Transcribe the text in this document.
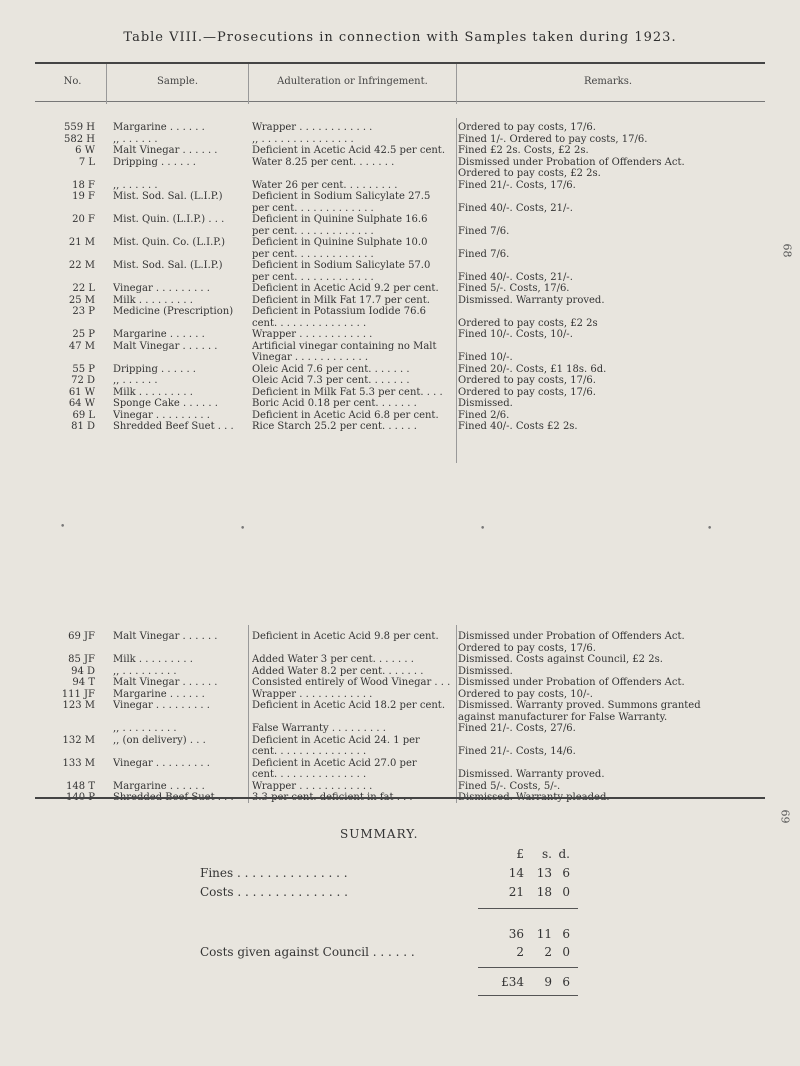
Table VIII.—Prosecutions in connection with Samples taken during 1923.
No.	Sample.	Adulteration or Infringement.	Remarks.
559 H Margarine . . . . . .	Wrapper . . . . . . . . . . . .	Ordered to pay costs, 17/6.
582 H ,, . . . . . .	,, . . . . . . . . . . . . . . .	Fined 1/-. Ordered to pay costs, 17/6.
6 W Malt Vinegar . . . . . .	Deficient in Acetic Acid 42.5 per cent.	Fined £2 2s. Costs, £2 2s.
7 L Dripping . . . . . .	Water 8.25 per cent. . . . . . .	Dismissed under Probation of Offenders Act.
Ordered to pay costs, £2 2s.
18 F ,, . . . . . .	Water 26 per cent. . . . . . . . .	Fined 21/-. Costs, 17/6.
19 F Mist. Sod. Sal. (L.I.P.)	Deficient in Sodium Salicylate 27.5
per cent. . . . . . . . . . . . .	Fined 40/-. Costs, 21/-.
20 F Mist. Quin. (L.I.P.) . . .	Deficient in Quinine Sulphate 16.6
per cent. . . . . . . . . . . . .	Fined 7/6.
21 M Mist. Quin. Co. (L.I.P.)	Deficient in Quinine Sulphate 10.0
per cent. . . . . . . . . . . . .	Fined 7/6.
22 M Mist. Sod. Sal. (L.I.P.)	Deficient in Sodium Salicylate 57.0
per cent. . . . . . . . . . . . .	Fined 40/-. Costs, 21/-.
22 L Vinegar . . . . . . . . .	Deficient in Acetic Acid 9.2 per cent.	Fined 5/-. Costs, 17/6.
25 M Milk . . . . . . . . .	Deficient in Milk Fat 17.7 per cent.	Dismissed. Warranty proved.
23 P Medicine (Prescription)	Deficient in Potassium Iodide 76.6
cent. . . . . . . . . . . . . . .	Ordered to pay costs, £2 2s
25 P Margarine . . . . . .	Wrapper . . . . . . . . . . . .	Fined 10/-. Costs, 10/-.
47 M Malt Vinegar . . . . . .	Artificial vinegar containing no Malt
Vinegar . . . . . . . . . . . .	Fined 10/-.
55 P Dripping . . . . . .	Oleic Acid 7.6 per cent. . . . . . .	Fined 20/-. Costs, £1 18s. 6d.
72 D ,, . . . . . .	Oleic Acid 7.3 per cent. . . . . . .	Ordered to pay costs, 17/6.
61 W Milk . . . . . . . . .	Deficient in Milk Fat 5.3 per cent. . . .	Ordered to pay costs, 17/6.
64 W Sponge Cake . . . . . .	Boric Acid 0.18 per cent. . . . . . .	Dismissed.
69 L Vinegar . . . . . . . . .	Deficient in Acetic Acid 6.8 per cent.	Fined 2/6.
81 D Shredded Beef Suet . . .	Rice Starch 25.2 per cent. . . . . .	Fined 40/-. Costs £2 2s.
69 JF Malt Vinegar . . . . . .	Deficient in Acetic Acid 9.8 per cent.	Dismissed under Probation of Offenders Act.
Ordered to pay costs, 17/6.
85 JF Milk . . . . . . . . .	Added Water 3 per cent. . . . . . .	Dismissed. Costs against Council, £2 2s.
94 D ,, . . . . . . . . .	Added Water 8.2 per cent. . . . . . .	Dismissed.
94 T Malt Vinegar . . . . . .	Consisted entirely of Wood Vinegar . . . Dismissed under Probation of Offenders Act.
111 JF Margarine . . . . . .	Wrapper . . . . . . . . . . . .	Ordered to pay costs, 10/-.
123 M Vinegar . . . . . . . . .	Deficient in Acetic Acid 18.2 per cent.	Dismissed. Warranty proved. Summons granted
against manufacturer for False Warranty.
,, . . . . . . . . .	False Warranty . . . . . . . . .	Fined 21/-. Costs, 27/6.
132 M ,, (on delivery) . . .	Deficient in Acetic Acid 24. 1 per
cent. . . . . . . . . . . . . . .	Fined 21/-. Costs, 14/6.
133 M Vinegar . . . . . . . . .	Deficient in Acetic Acid 27.0 per
cent. . . . . . . . . . . . . . .	Dismissed. Warranty proved.
148 T Margarine . . . . . .	Wrapper . . . . . . . . . . . .	Fined 5/-. Costs, 5/-.
68
69
•	•	•	•
SUMMARY.
£	s. d.
Fines . . . . . . . . . . . . . . .	14	13 6
Costs . . . . . . . . . . . . . . .	21	18 0
36	11 6
Costs given against Council . . . . . .	2	2 0
£34	9 6
